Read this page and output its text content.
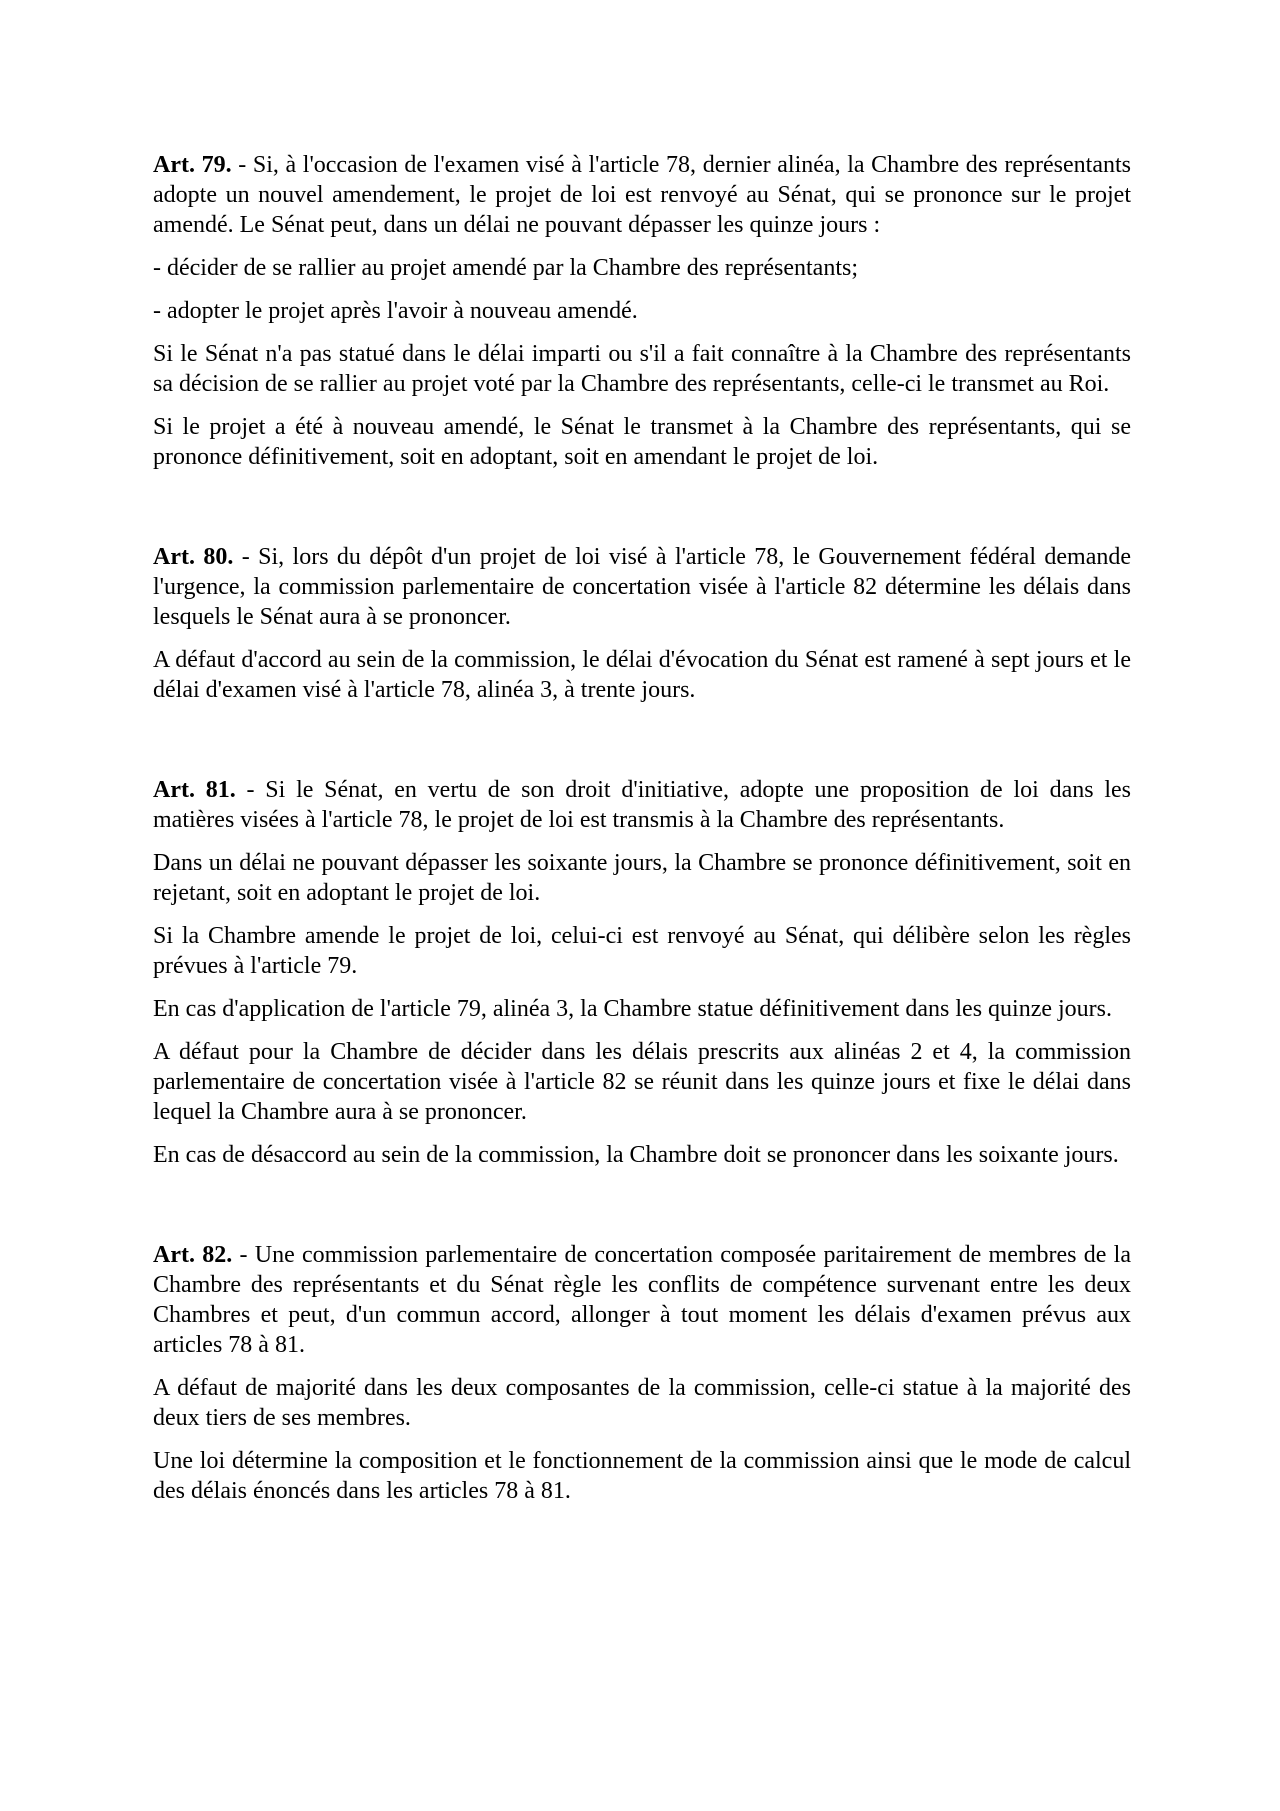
Art. 79. - Si, à l'occasion de l'examen visé à l'article 78, dernier alinéa, la Chambre des représentants adopte un nouvel amendement, le projet de loi est renvoyé au Sénat, qui se prononce sur le projet amendé. Le Sénat peut, dans un délai ne pouvant dépasser les quinze jours :

- décider de se rallier au projet amendé par la Chambre des représentants;

- adopter le projet après l'avoir à nouveau amendé.

Si le Sénat n'a pas statué dans le délai imparti ou s'il a fait connaître à la Chambre des représentants sa décision de se rallier au projet voté par la Chambre des représentants, celle-ci le transmet au Roi.

Si le projet a été à nouveau amendé, le Sénat le transmet à la Chambre des représentants, qui se prononce définitivement, soit en adoptant, soit en amendant le projet de loi.

Art. 80. - Si, lors du dépôt d'un projet de loi visé à l'article 78, le Gouvernement fédéral demande l'urgence, la commission parlementaire de concertation visée à l'article 82 détermine les délais dans lesquels le Sénat aura à se prononcer.

A défaut d'accord au sein de la commission, le délai d'évocation du Sénat est ramené à sept jours et le délai d'examen visé à l'article 78, alinéa 3, à trente jours.

Art. 81. - Si le Sénat, en vertu de son droit d'initiative, adopte une proposition de loi dans les matières visées à l'article 78, le projet de loi est transmis à la Chambre des représentants.

Dans un délai ne pouvant dépasser les soixante jours, la Chambre se prononce définitivement, soit en rejetant, soit en adoptant le projet de loi.

Si la Chambre amende le projet de loi, celui-ci est renvoyé au Sénat, qui délibère selon les règles prévues à l'article 79.

En cas d'application de l'article 79, alinéa 3, la Chambre statue définitivement dans les quinze jours.

A défaut pour la Chambre de décider dans les délais prescrits aux alinéas 2 et 4, la commission parlementaire de concertation visée à l'article 82 se réunit dans les quinze jours et fixe le délai dans lequel la Chambre aura à se prononcer.

En cas de désaccord au sein de la commission, la Chambre doit se prononcer dans les soixante jours.

Art. 82. - Une commission parlementaire de concertation composée paritairement de membres de la Chambre des représentants et du Sénat règle les conflits de compétence survenant entre les deux Chambres et peut, d'un commun accord, allonger à tout moment les délais d'examen prévus aux articles 78 à 81.

A défaut de majorité dans les deux composantes de la commission, celle-ci statue à la majorité des deux tiers de ses membres.

Une loi détermine la composition et le fonctionnement de la commission ainsi que le mode de calcul des délais énoncés dans les articles 78 à 81.
